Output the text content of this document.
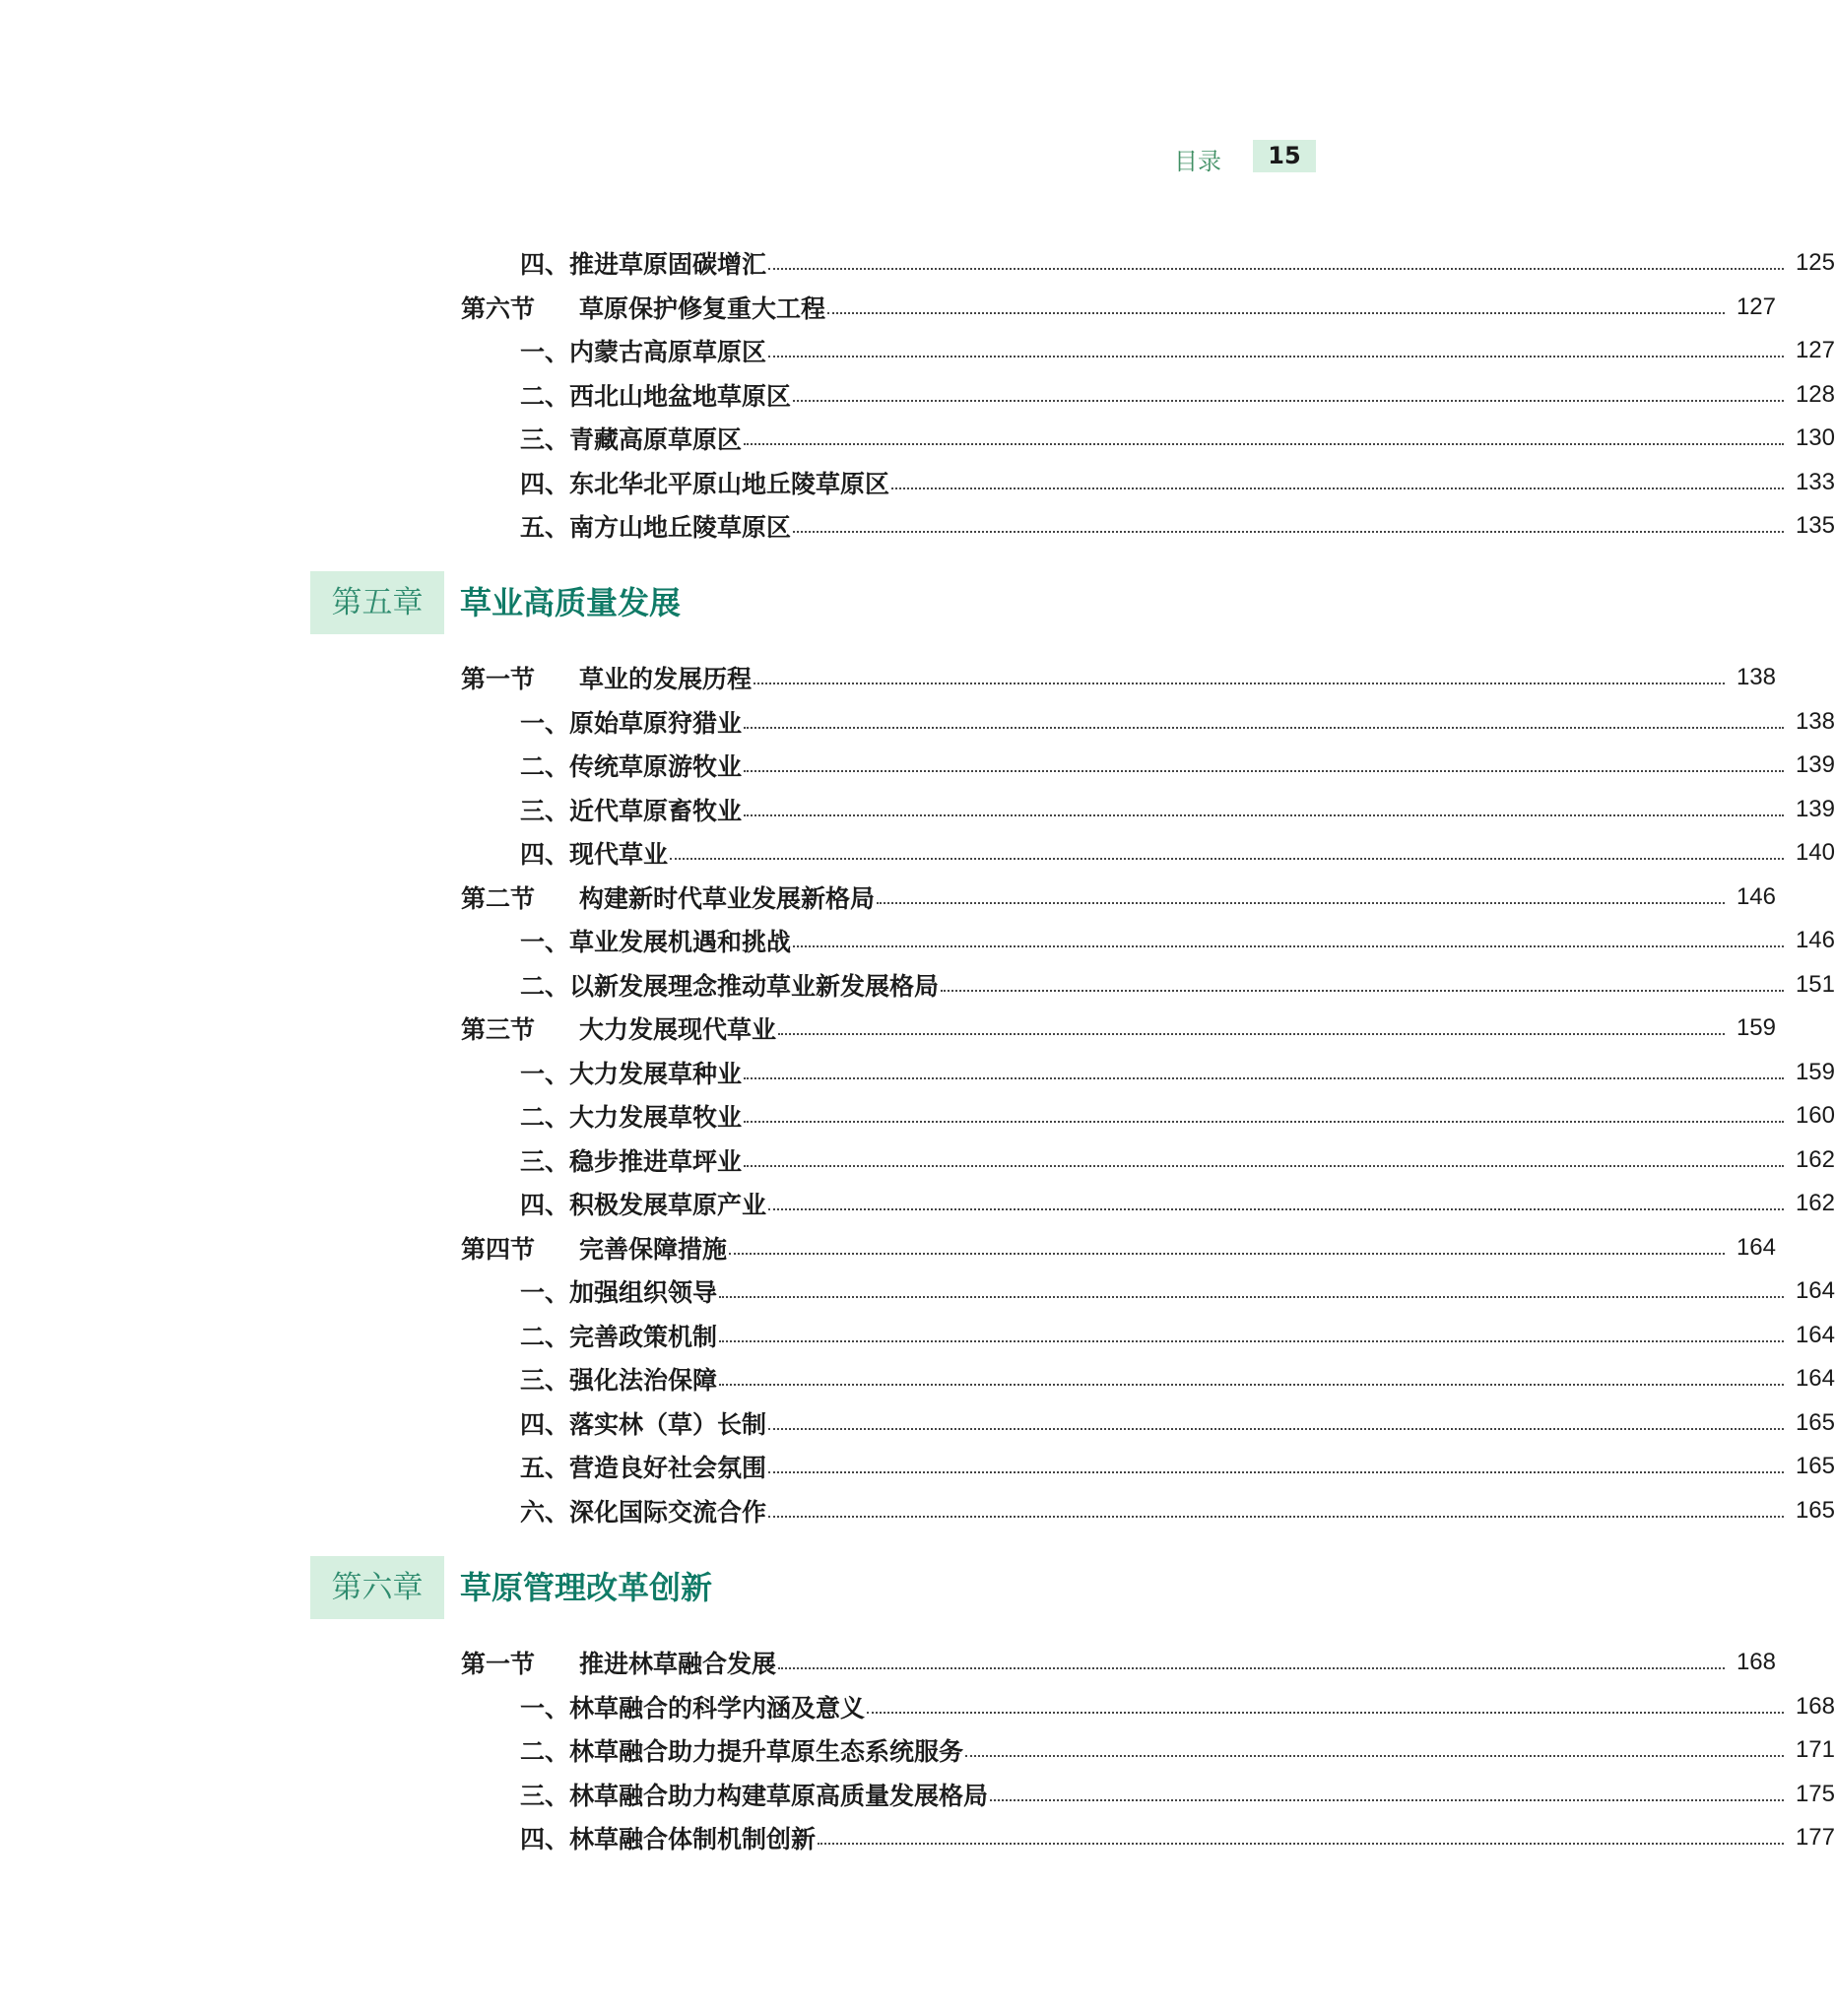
目录	15
四、推进草原固碳增汇	125
第六节	草原保护修复重大工程	127
一、内蒙古高原草原区	127
二、西北山地盆地草原区	128
三、青藏高原草原区	130
四、东北华北平原山地丘陵草原区	133
五、南方山地丘陵草原区	135
第五章	草业高质量发展
第一节	草业的发展历程	138
一、原始草原狩猎业	138
二、传统草原游牧业	139
三、近代草原畜牧业	139
四、现代草业	140
第二节	构建新时代草业发展新格局	146
一、草业发展机遇和挑战	146
二、以新发展理念推动草业新发展格局	151
第三节	大力发展现代草业	159
一、大力发展草种业	159
二、大力发展草牧业	160
三、稳步推进草坪业	162
四、积极发展草原产业	162
第四节	完善保障措施	164
一、加强组织领导	164
二、完善政策机制	164
三、强化法治保障	164
四、落实林（草）长制	165
五、营造良好社会氛围	165
六、深化国际交流合作	165
第六章	草原管理改革创新
第一节	推进林草融合发展	168
一、林草融合的科学内涵及意义	168
二、林草融合助力提升草原生态系统服务	171
三、林草融合助力构建草原高质量发展格局	175
四、林草融合体制机制创新	177
